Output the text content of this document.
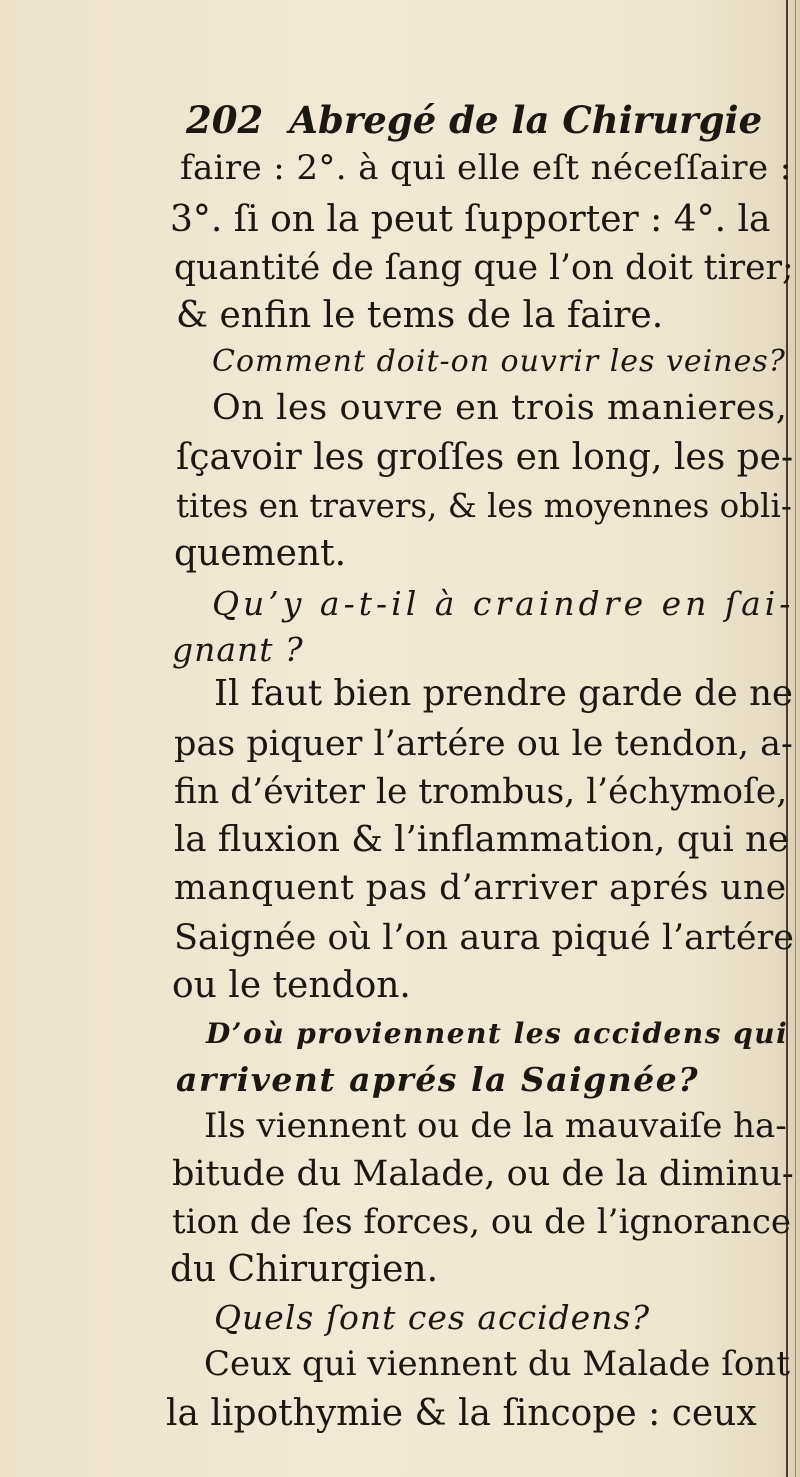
202 Abregé de la Chirurgie
faire : 2°. à qui elle eſt néceſſaire :
3°. ſi on la peut ſupporter : 4°. la
quantité de ſang que l’on doit tirer;
& enfin le tems de la faire.
Comment doit-on ouvrir les veines?
On les ouvre en trois manieres,
ſçavoir les groſſes en long, les pe-
tites en travers, & les moyennes obli-
quement.
Qu’y a-t-il à craindre en ſai-
gnant ?
Il faut bien prendre garde de ne
pas piquer l’artére ou le tendon, a-
fin d’éviter le trombus, l’échymoſe,
la fluxion & l’inflammation, qui ne
manquent pas d’arriver aprés une
Saignée où l’on aura piqué l’artére
ou le tendon.
D’où proviennent les accidens qui
arrivent aprés la Saignée?
Ils viennent ou de la mauvaiſe ha-
bitude du Malade, ou de la diminu-
tion de ſes forces, ou de l’ignorance
du Chirurgien.
Quels ſont ces accidens?
Ceux qui viennent du Malade ſont
la lipothymie & la ſincope : ceux
